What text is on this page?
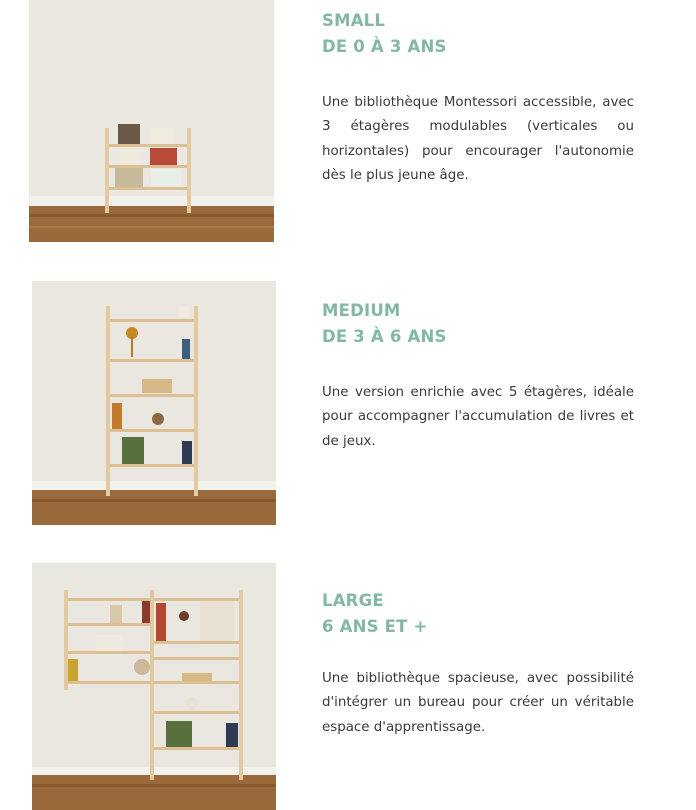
SMALL
DE 0 À 3 ANS

Une bibliothèque Montessori accessible, avec 3 étagères modulables (verticales ou horizontales) pour encourager l'autonomie dès le plus jeune âge.

MEDIUM
DE 3 À 6 ANS

Une version enrichie avec 5 étagères, idéale pour accompagner l'accumulation de livres et de jeux.

LARGE
6 ANS ET +

Une bibliothèque spacieuse, avec possibilité d'intégrer un bureau pour créer un véritable espace d'apprentissage.
